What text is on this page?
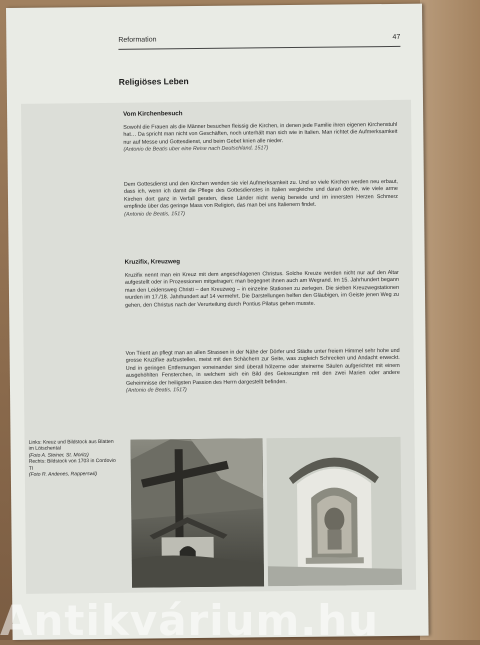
Reformation	47
Religiöses Leben
Vom Kirchenbesuch
Sowohl die Frauen als die Männer besuchen fleissig die Kirchen, in denen jede Familie ihren eigenen Kirchenstuhl hat… Da spricht man nicht von Geschäften, noch unterhält man sich wie in Italien. Man richtet die Aufmerksamkeit nur auf Messe und Gottesdienst, und beim Gebet knien alle nieder.
(Antonio de Beatis uber eine Reise nach Deutschland, 1517)
Dem Gottesdienst und den Kirchen wenden sie viel Aufmerksamkeit zu. Und so viele Kirchen werden neu erbaut, dass ich, wenn ich damit die Pflege des Gottesdienstes in Italien vergleiche und daran denke, wie viele arme Kirchen dort ganz in Verfall geraten, diese Länder nicht wenig beneide und im innersten Herzen Schmerz empfinde über das geringe Mass von Religion, das man bei uns Italienern findet.
(Antonio de Beatis, 1517)
Kruzifix, Kreuzweg
Kruzifix nennt man ein Kreuz mit dem angeschlagenen Christus. Solche Kreuze werden nicht nur auf den Altar aufgestellt oder in Prozessionen mitgetragen; man begegnet ihnen auch am Wegrand. Im 15. Jahrhundert begann man den Leidensweg Christi – den Kreuzweg – in einzelne Stationen zu zerlegen. Die sieben Kreuzwegstationen wurden im 17./18. Jahrhundert auf 14 vermehrt. Die Darstellungen helfen den Gläubigen, im Geiste jenen Weg zu gehen, den Christus nach der Verurteilung durch Pontius Pilatus gehen musste.
Von Trient an pflegt man an allen Strassen in der Nähe der Dörfer und Städte unter freiem Himmel sehr hohe und grosse Kruzifixe aufzustellen, meist mit den Schächern zur Seite, was zugleich Schrecken und Andacht erweckt. Und in geringen Entfernungen voneinander sind überall hölzerne oder steinerne Säulen aufgerichtet mit einem ausgehöhlten Fensterchen, in welchem sich ein Bild des Gekreuzigten mit den zwei Marien oder andere Geheimnisse der heiligsten Passion des Herrn dargestellt befinden.
(Antonio de Beatis, 1517)
Links: Kreuz und Bildstock aus Blatten im Lötschental
(Foto A. Steiner, St. Moritz)
Rechts: Bildstock von 1703 in Cordovio TI
(Foto R. Andenes, Rapperswil)
Antikvárium.hu
